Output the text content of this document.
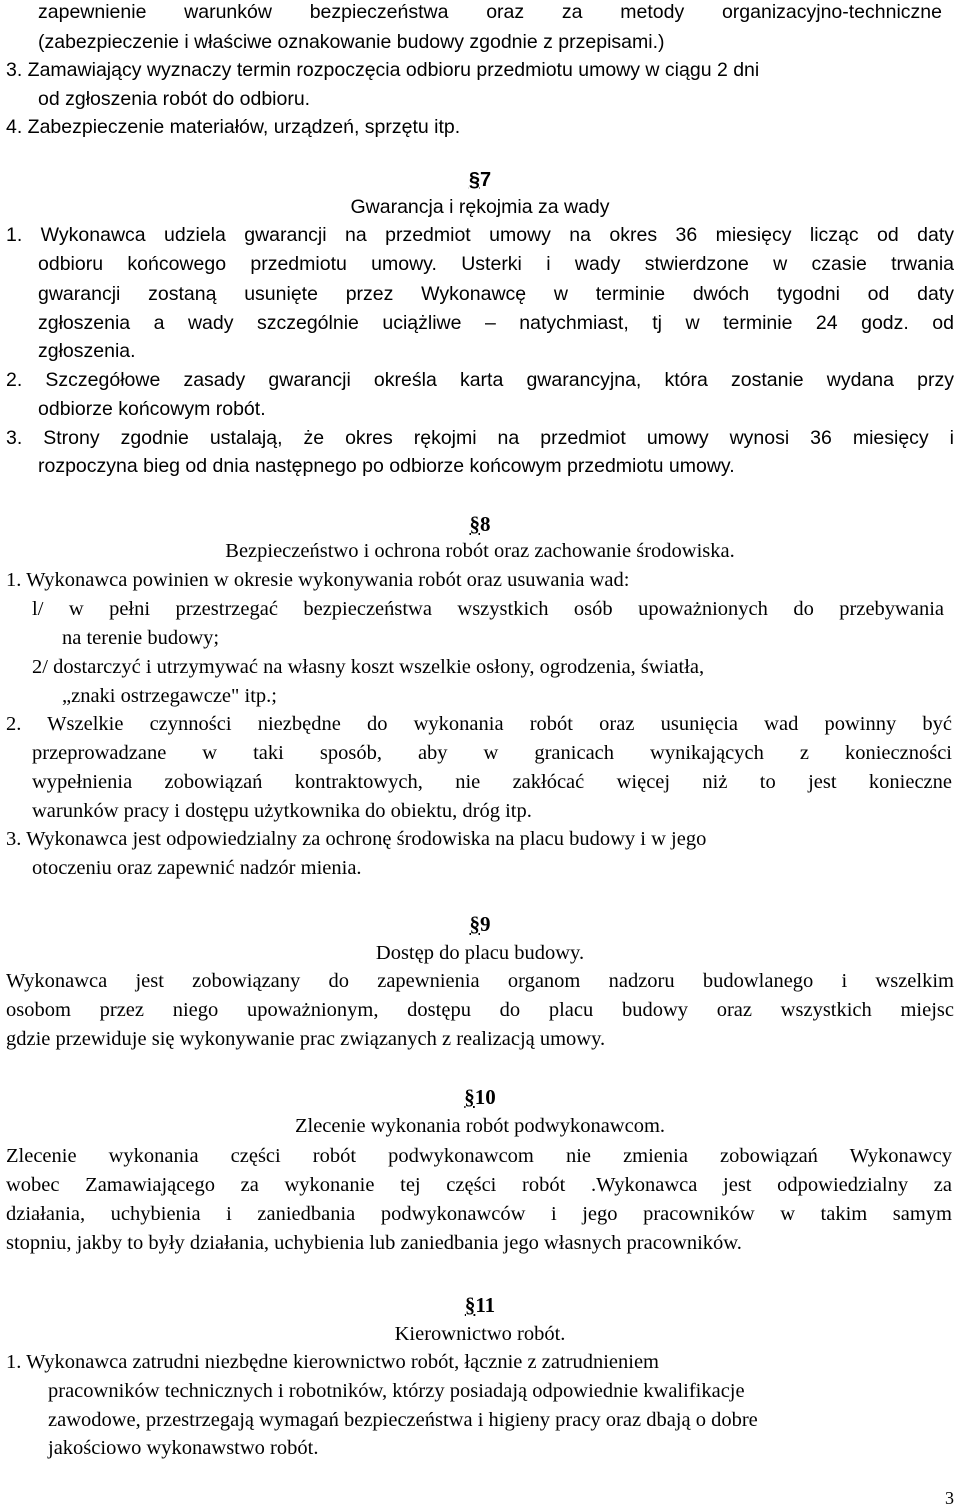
zapewnienie warunków bezpieczeństwa oraz za metody organizacyjno-techniczne
(zabezpieczenie i właściwe oznakowanie budowy zgodnie z przepisami.)
3. Zamawiający wyznaczy termin rozpoczęcia odbioru przedmiotu umowy w ciągu 2 dni
od zgłoszenia robót do odbioru.
4. Zabezpieczenie materiałów, urządzeń, sprzętu itp.
§7
Gwarancja i rękojmia za wady
1. Wykonawca udziela gwarancji na przedmiot umowy na okres 36 miesięcy licząc od daty
odbioru końcowego przedmiotu umowy. Usterki i wady stwierdzone w czasie trwania
gwarancji zostaną usunięte przez Wykonawcę w terminie dwóch tygodni od daty
zgłoszenia a wady szczególnie uciążliwe – natychmiast, tj w terminie 24 godz. od
zgłoszenia.
2. Szczegółowe zasady gwarancji określa karta gwarancyjna, która zostanie wydana przy
odbiorze końcowym robót.
3. Strony zgodnie ustalają, że okres rękojmi na przedmiot umowy wynosi 36 miesięcy i
rozpoczyna bieg od dnia następnego po odbiorze końcowym przedmiotu umowy.
§8
Bezpieczeństwo i ochrona robót oraz zachowanie środowiska.
1. Wykonawca powinien w okresie wykonywania robót oraz usuwania wad:
l/ w pełni przestrzegać bezpieczeństwa wszystkich osób upoważnionych do przebywania
na terenie budowy;
2/ dostarczyć i utrzymywać na własny koszt wszelkie osłony, ogrodzenia, światła,
„znaki ostrzegawcze" itp.;
2. Wszelkie czynności niezbędne do wykonania robót oraz usunięcia wad powinny być
przeprowadzane w taki sposób, aby w granicach wynikających z konieczności
wypełnienia zobowiązań kontraktowych, nie zakłócać więcej niż to jest konieczne
warunków pracy i dostępu użytkownika do obiektu, dróg itp.
3. Wykonawca jest odpowiedzialny za ochronę środowiska na placu budowy i w jego
otoczeniu oraz zapewnić nadzór mienia.
§9
Dostęp do placu budowy.
Wykonawca jest zobowiązany do zapewnienia organom nadzoru budowlanego i wszelkim
osobom przez niego upoważnionym, dostępu do placu budowy oraz wszystkich miejsc
gdzie przewiduje się wykonywanie prac związanych z realizacją umowy.
§10
Zlecenie wykonania robót podwykonawcom.
Zlecenie wykonania części robót podwykonawcom nie zmienia zobowiązań Wykonawcy
wobec Zamawiającego za wykonanie tej części robót .Wykonawca jest odpowiedzialny za
działania, uchybienia i zaniedbania podwykonawców i jego pracowników w takim samym
stopniu, jakby to były działania, uchybienia lub zaniedbania jego własnych pracowników.
§11
Kierownictwo robót.
1. Wykonawca zatrudni niezbędne kierownictwo robót, łącznie z zatrudnieniem
pracowników technicznych i robotników, którzy posiadają odpowiednie kwalifikacje
zawodowe, przestrzegają wymagań bezpieczeństwa i higieny pracy oraz dbają o dobre
jakościowo wykonawstwo robót.
3
